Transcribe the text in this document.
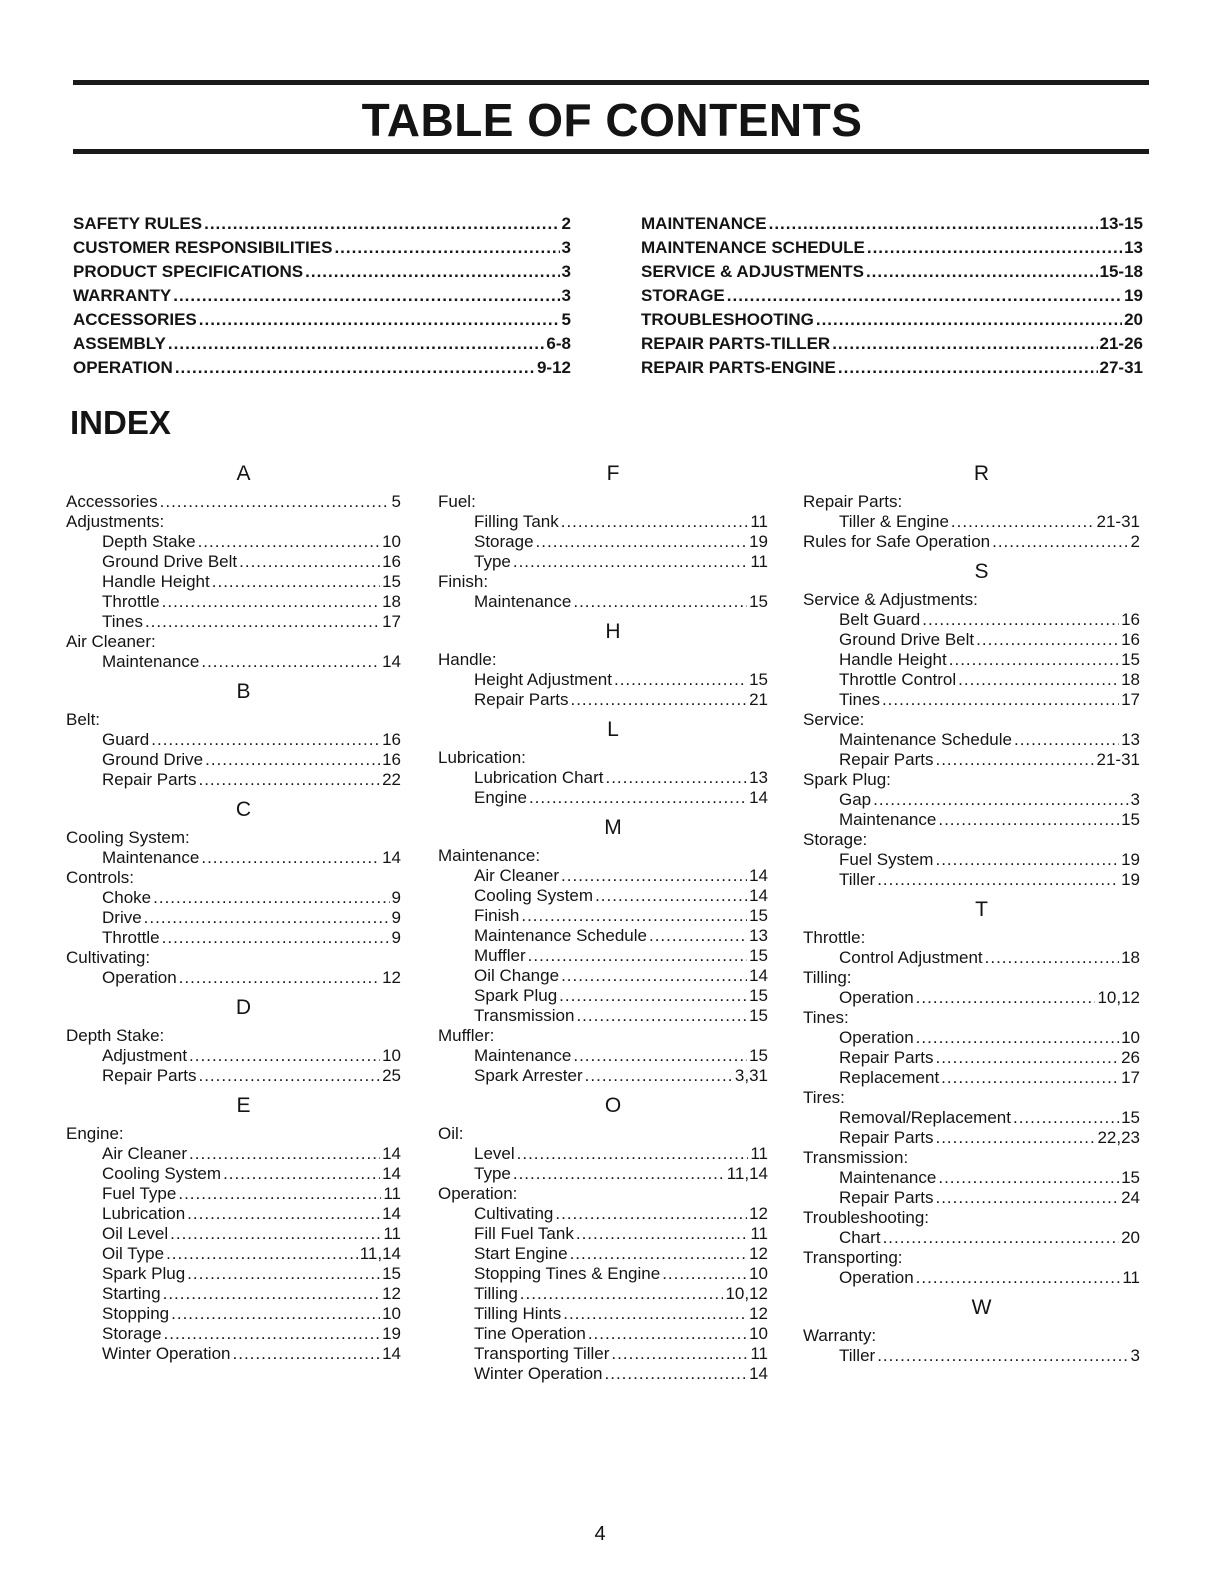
TABLE OF CONTENTS
SAFETY RULES .....	2
CUSTOMER RESPONSIBILITIES .....	3
PRODUCT SPECIFICATIONS .....	3
WARRANTY .....	3
ACCESSORIES .....	5
ASSEMBLY .....	6-8
OPERATION .....	9-12
MAINTENANCE .....	13-15
MAINTENANCE SCHEDULE .....	13
SERVICE & ADJUSTMENTS .....	15-18
STORAGE .....	19
TROUBLESHOOTING .....	20
REPAIR PARTS-TILLER .....	21-26
REPAIR PARTS-ENGINE .....	27-31
INDEX
A
Accessories .....	5
Adjustments:
Depth Stake .....	10
Ground Drive Belt .....	16
Handle Height .....	15
Throttle .....	18
Tines .....	17
Air Cleaner:
Maintenance .....	14
B
Belt:
Guard .....	16
Ground Drive .....	16
Repair Parts .....	22
C
Cooling System:
Maintenance .....	14
Controls:
Choke .....	9
Drive .....	9
Throttle .....	9
Cultivating:
Operation .....	12
D
Depth Stake:
Adjustment .....	10
Repair Parts .....	25
E
Engine:
Air Cleaner .....	14
Cooling System .....	14
Fuel Type .....	11
Lubrication .....	14
Oil Level .....	11
Oil Type .....	11,14
Spark Plug .....	15
Starting .....	12
Stopping .....	10
Storage .....	19
Winter Operation .....	14
F
Fuel:
Filling Tank .....	11
Storage .....	19
Type .....	11
Finish:
Maintenance .....	15
H
Handle:
Height Adjustment .....	15
Repair Parts .....	21
L
Lubrication:
Lubrication Chart .....	13
Engine .....	14
M
Maintenance:
Air Cleaner .....	14
Cooling System .....	14
Finish .....	15
Maintenance Schedule .....	13
Muffler .....	15
Oil Change .....	14
Spark Plug .....	15
Transmission .....	15
Muffler:
Maintenance .....	15
Spark Arrester .....	3,31
O
Oil:
Level .....	11
Type .....	11,14
Operation:
Cultivating .....	12
Fill Fuel Tank .....	11
Start Engine .....	12
Stopping Tines & Engine .....	10
Tilling .....	10,12
Tilling Hints .....	12
Tine Operation .....	10
Transporting Tiller .....	11
Winter Operation .....	14
R
Repair Parts:
Tiller & Engine .....	21-31
Rules for Safe Operation .....	2
S
Service & Adjustments:
Belt Guard .....	16
Ground Drive Belt .....	16
Handle Height .....	15
Throttle Control .....	18
Tines .....	17
Service:
Maintenance Schedule .....	13
Repair Parts .....	21-31
Spark Plug:
Gap .....	3
Maintenance .....	15
Storage:
Fuel System .....	19
Tiller .....	19
T
Throttle:
Control Adjustment .....	18
Tilling:
Operation .....	10,12
Tines:
Operation .....	10
Repair Parts .....	26
Replacement .....	17
Tires:
Removal/Replacement .....	15
Repair Parts .....	22,23
Transmission:
Maintenance .....	15
Repair Parts .....	24
Troubleshooting:
Chart .....	20
Transporting:
Operation .....	11
W
Warranty:
Tiller .....	3
4
